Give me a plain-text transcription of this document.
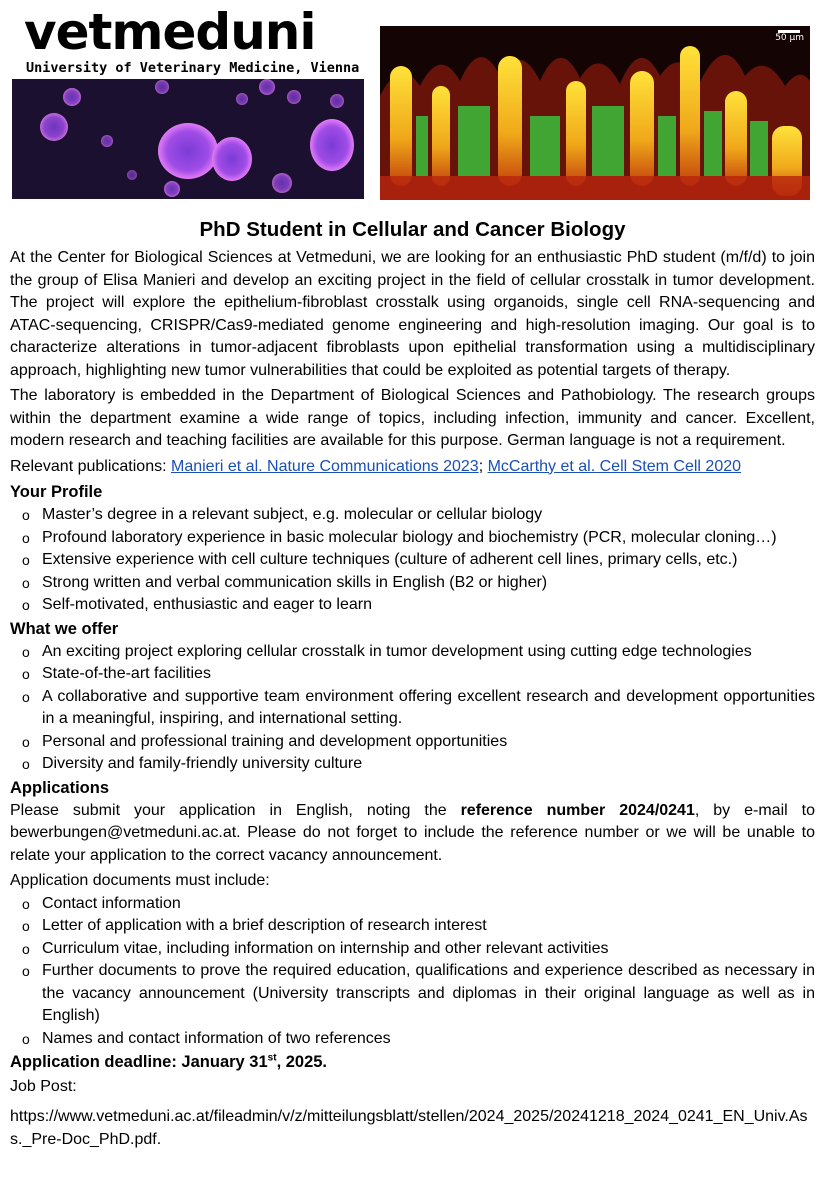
vetmeduni
University of Veterinary Medicine, Vienna
50 µm
PhD Student in Cellular and Cancer Biology

At the Center for Biological Sciences at Vetmeduni, we are looking for an enthusiastic PhD student (m/f/d) to join the group of Elisa Manieri and develop an exciting project in the field of cellular crosstalk in tumor development. The project will explore the epithelium-fibroblast crosstalk using organoids, single cell RNA-sequencing and ATAC-sequencing, CRISPR/Cas9-mediated genome engineering and high-resolution imaging. Our goal is to characterize alterations in tumor-adjacent fibroblasts upon epithelial transformation using a multidisciplinary approach, highlighting new tumor vulnerabilities that could be exploited as potential targets of therapy.

The laboratory is embedded in the Department of Biological Sciences and Pathobiology. The research groups within the department examine a wide range of topics, including infection, immunity and cancer. Excellent, modern research and teaching facilities are available for this purpose. German language is not a requirement.

Relevant publications: Manieri et al. Nature Communications 2023; McCarthy et al. Cell Stem Cell 2020

Your Profile
o Master’s degree in a relevant subject, e.g. molecular or cellular biology
o Profound laboratory experience in basic molecular biology and biochemistry (PCR, molecular cloning…)
o Extensive experience with cell culture techniques (culture of adherent cell lines, primary cells, etc.)
o Strong written and verbal communication skills in English (B2 or higher)
o Self-motivated, enthusiastic and eager to learn
What we offer
o An exciting project exploring cellular crosstalk in tumor development using cutting edge technologies
o State-of-the-art facilities
o A collaborative and supportive team environment offering excellent research and development opportunities in a meaningful, inspiring, and international setting.
o Personal and professional training and development opportunities
o Diversity and family-friendly university culture
Applications

Please submit your application in English, noting the reference number 2024/0241, by e-mail to bewerbungen@vetmeduni.ac.at. Please do not forget to include the reference number or we will be unable to relate your application to the correct vacancy announcement.

Application documents must include:

o Contact information
o Letter of application with a brief description of research interest
o Curriculum vitae, including information on internship and other relevant activities
o Further documents to prove the required education, qualifications and experience described as necessary in the vacancy announcement (University transcripts and diplomas in their original language as well as in English)
o Names and contact information of two references
Application deadline: January 31st, 2025.
Job Post:
https://www.vetmeduni.ac.at/fileadmin/v/z/mitteilungsblatt/stellen/2024_2025/20241218_2024_0241_EN_Univ.Ass._Pre-Doc_PhD.pdf.
